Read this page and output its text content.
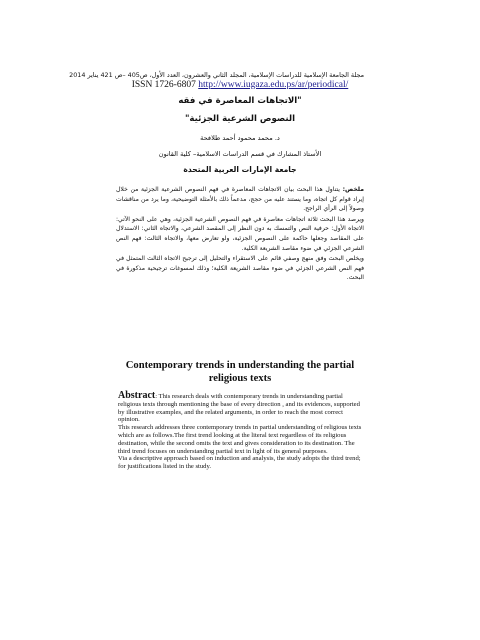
مجلة الجامعة الإسلامية للدراسات الإسلامية، المجلد الثاني والعشرون، العدد الأول، ص405 –ص 421 يناير 2014
ISSN 1726-6807 http://www.iugaza.edu.ps/ar/periodical/
"الاتجاهات المعاصرة في فقه
النصوص الشرعية الجزئية"
د. محمد محمود أحمد طلافحة
الأستاذ المشارك في قسم الدراسات الاسلامية– كلية القانون
جامعة الإمارات العربية المتحدة

ملخص: يتناول هذا البحث بيان الاتجاهات المعاصرة في فهم النصوص الشرعية الجزئية من خلال إيراد قوام كل اتجاه، وما يستند عليه من حجج، مدعماً ذلك بالأمثلة التوضيحية، وما يرد من مناقشات وصولاً إلى الرأي الراجح.

ويرصد هذا البحث ثلاثة اتجاهات معاصرة في فهم النصوص الشرعية الجزئية، وهي على النحو الآتي: الاتجاه الأول: حرفية النص والتمسك به دون النظر إلى المقصد الشرعي، والاتجاه الثاني: الاستدلال على المقاصد وجعلها حاكمة على النصوص الجزئية، ولو تعارض معها، والاتجاه الثالث: فهم النص الشرعي الجزئي في ضوء مقاصد الشريعة الكلية.

ويخلص البحث وفق منهج وصفي قائم على الاستقراء والتحليل إلى ترجيح الاتجاه الثالث المتمثل في فهم النص الشرعي الجزئي في ضوء مقاصد الشريعة الكلية؛ وذلك لمسوغات ترجيحية مذكورة في البحث.

Contemporary trends in understanding the partial religious texts

Abstract: This research deals with contemporary trends in understanding partial religious texts through mentioning the base of every direction , and its evidences, supported by illustrative examples, and the related arguments, in order to reach the most correct opinion.

This research addresses three contemporary trends in partial understanding of religious texts which are as follows.The first trend looking at the literal text regardless of its religious

destination, while the second omits the text and gives consideration to its destination. The third trend focuses on understanding partial text in light of its general purposes.

Via a descriptive approach based on induction and analysis, the study adopts the third trend; for justifications listed in the study.
